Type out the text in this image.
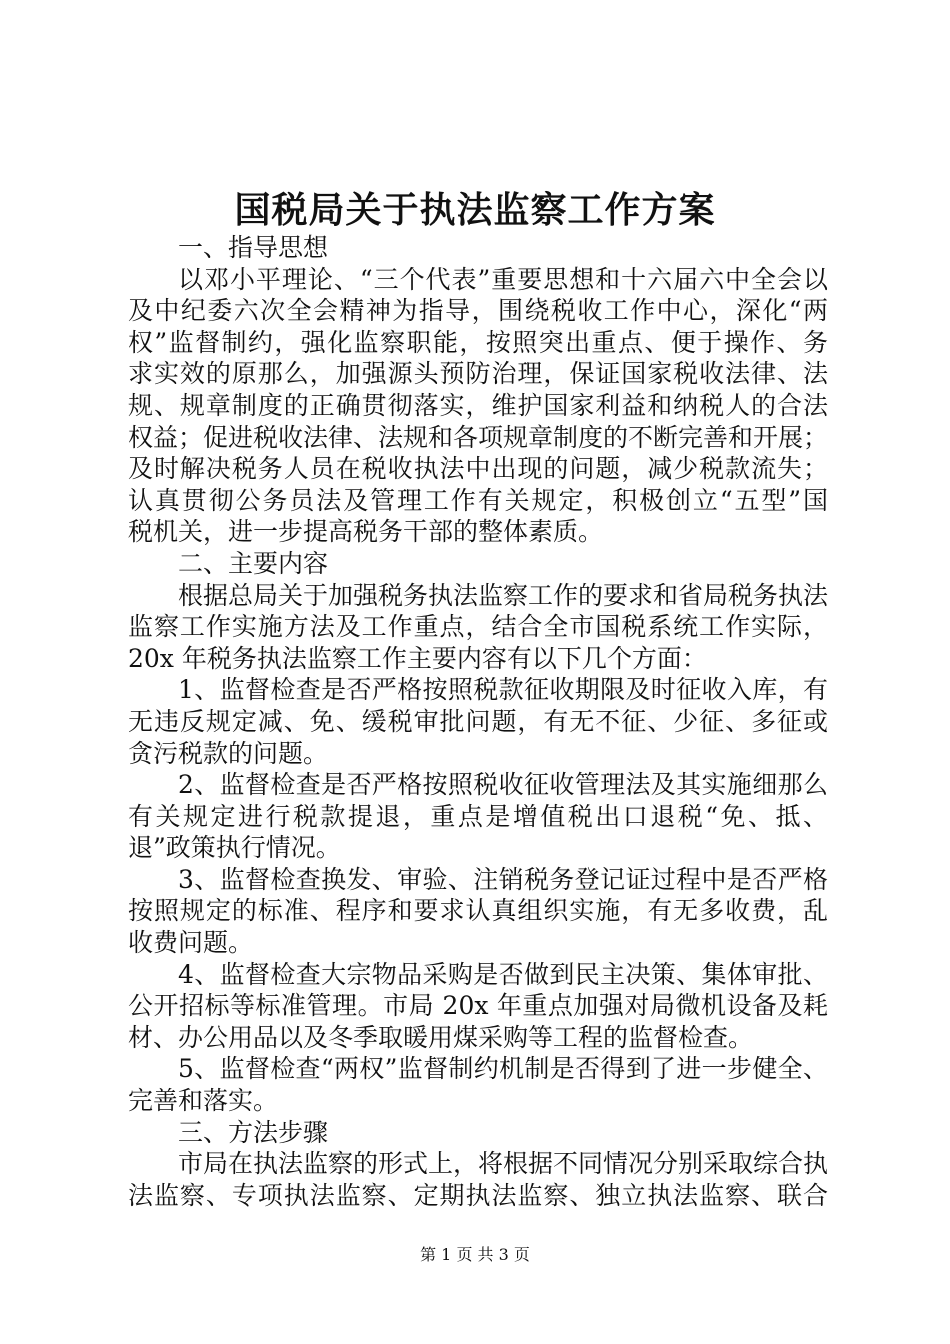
国税局关于执法监察工作方案
一、指导思想
以邓小平理论、“三个代表”重要思想和十六届六中全会以
及中纪委六次全会精神为指导，围绕税收工作中心，深化“两
权”监督制约，强化监察职能，按照突出重点、便于操作、务
求实效的原那么，加强源头预防治理，保证国家税收法律、法
规、规章制度的正确贯彻落实，维护国家利益和纳税人的合法
权益；促进税收法律、法规和各项规章制度的不断完善和开展；
及时解决税务人员在税收执法中出现的问题，减少税款流失；
认真贯彻公务员法及管理工作有关规定，积极创立“五型”国
税机关，进一步提高税务干部的整体素质。
二、主要内容
根据总局关于加强税务执法监察工作的要求和省局税务执法
监察工作实施方法及工作重点，结合全市国税系统工作实际，
20x 年税务执法监察工作主要内容有以下几个方面：
1、监督检查是否严格按照税款征收期限及时征收入库，有
无违反规定减、免、缓税审批问题，有无不征、少征、多征或
贪污税款的问题。
2、监督检查是否严格按照税收征收管理法及其实施细那么
有关规定进行税款提退，重点是增值税出口退税“免、抵、
退”政策执行情况。
3、监督检查换发、审验、注销税务登记证过程中是否严格
按照规定的标准、程序和要求认真组织实施，有无多收费，乱
收费问题。
4、监督检查大宗物品采购是否做到民主决策、集体审批、
公开招标等标准管理。市局 20x 年重点加强对局微机设备及耗
材、办公用品以及冬季取暖用煤采购等工程的监督检查。
5、监督检查“两权”监督制约机制是否得到了进一步健全、
完善和落实。
三、方法步骤
市局在执法监察的形式上，将根据不同情况分别采取综合执
法监察、专项执法监察、定期执法监察、独立执法监察、联合
第 1 页 共 3 页
